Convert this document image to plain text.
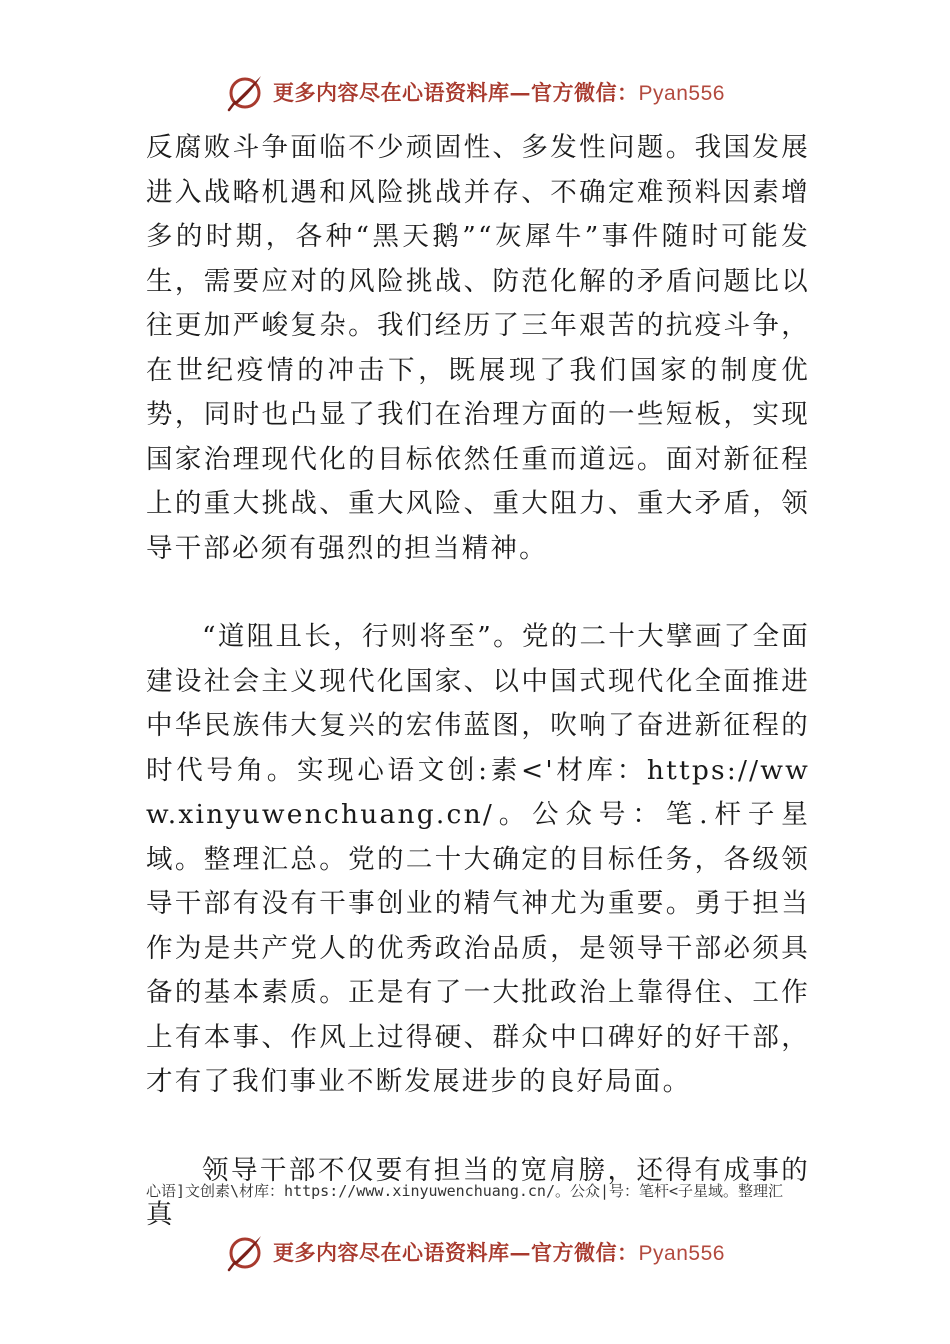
更多内容尽在心语资料库—官方微信：Pyan556

反腐败斗争面临不少顽固性、多发性问题。我国发展进入战略机遇和风险挑战并存、不确定难预料因素增多的时期，各种“黑天鹅”“灰犀牛”事件随时可能发生，需要应对的风险挑战、防范化解的矛盾问题比以往更加严峻复杂。我们经历了三年艰苦的抗疫斗争，在世纪疫情的冲击下，既展现了我们国家的制度优势，同时也凸显了我们在治理方面的一些短板，实现国家治理现代化的目标依然任重而道远。面对新征程上的重大挑战、重大风险、重大阻力、重大矛盾，领导干部必须有强烈的担当精神。

“道阻且长，行则将至”。党的二十大擘画了全面建设社会主义现代化国家、以中国式现代化全面推进中华民族伟大复兴的宏伟蓝图，吹响了奋进新征程的时代号角。实现心语文创:素<'材库：https://www.xinyuwenchuang.cn/。公众号：笔.杆子星域。整理汇总。党的二十大确定的目标任务，各级领导干部有没有干事创业的精气神尤为重要。勇于担当作为是共产党人的优秀政治品质，是领导干部必须具备的基本素质。正是有了一大批政治上靠得住、工作上有本事、作风上过得硬、群众中口碑好的好干部，才有了我们事业不断发展进步的良好局面。

领导干部不仅要有担当的宽肩膀，还得有成事的真

心语]文创素\材库：https://www.xinyuwenchuang.cn/。公众|号：笔杆<子星域。整理汇
更多内容尽在心语资料库—官方微信：Pyan556
